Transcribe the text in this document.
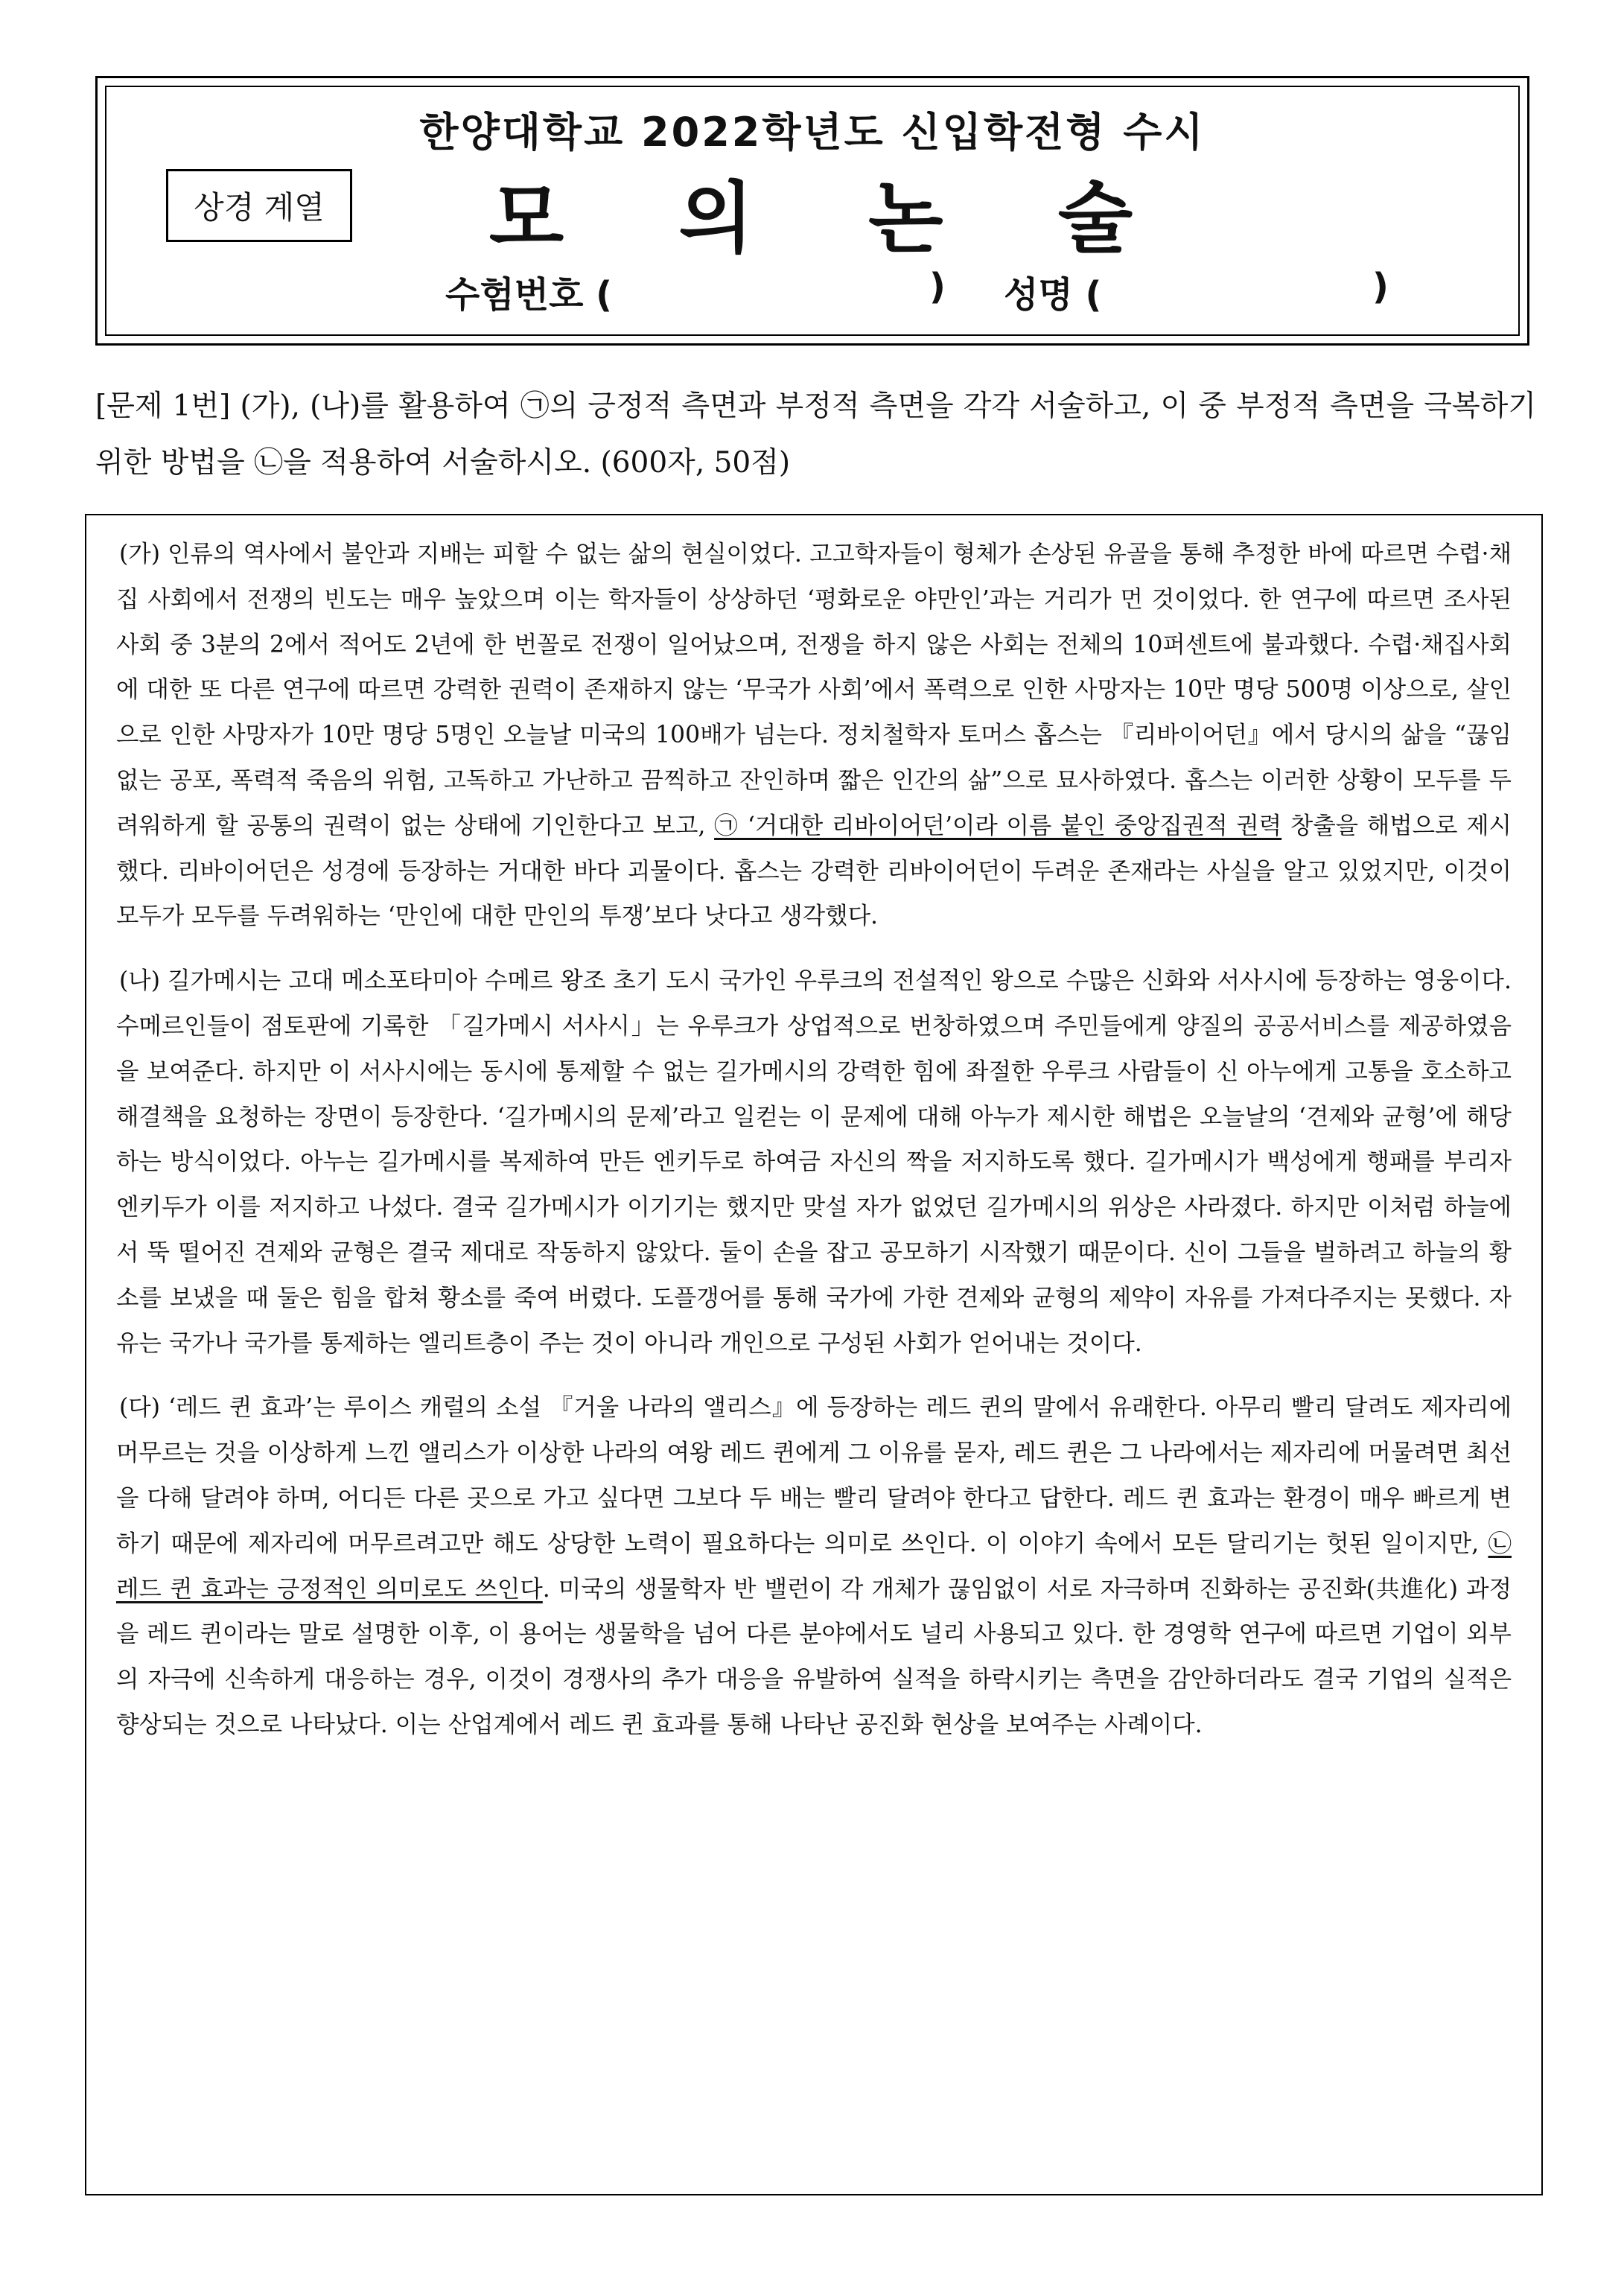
한양대학교 2022학년도 신입학전형 수시
상경 계열	모 의 논 술
수험번호 (	) 성명 (	)
[문제 1번] (가), (나)를 활용하여 ㉠의 긍정적 측면과 부정적 측면을 각각 서술하고, 이 중 부정적 측면을 극복하기 위한 방법을 ㉡을 적용하여 서술하시오. (600자, 50점)

(가) 인류의 역사에서 불안과 지배는 피할 수 없는 삶의 현실이었다. 고고학자들이 형체가 손상된 유골을 통해 추정한 바에 따르면 수렵·채집 사회에서 전쟁의 빈도는 매우 높았으며 이는 학자들이 상상하던 ‘평화로운 야만인’과는 거리가 먼 것이었다. 한 연구에 따르면 조사된 사회 중 3분의 2에서 적어도 2년에 한 번꼴로 전쟁이 일어났으며, 전쟁을 하지 않은 사회는 전체의 10퍼센트에 불과했다. 수렵·채집사회에 대한 또 다른 연구에 따르면 강력한 권력이 존재하지 않는 ‘무국가 사회’에서 폭력으로 인한 사망자는 10만 명당 500명 이상으로, 살인으로 인한 사망자가 10만 명당 5명인 오늘날 미국의 100배가 넘는다. 정치철학자 토머스 홉스는 『리바이어던』에서 당시의 삶을 “끊임없는 공포, 폭력적 죽음의 위험, 고독하고 가난하고 끔찍하고 잔인하며 짧은 인간의 삶”으로 묘사하였다. 홉스는 이러한 상황이 모두를 두려워하게 할 공통의 권력이 없는 상태에 기인한다고 보고, ㉠ ‘거대한 리바이어던’이라 이름 붙인 중앙집권적 권력 창출을 해법으로 제시했다. 리바이어던은 성경에 등장하는 거대한 바다 괴물이다. 홉스는 강력한 리바이어던이 두려운 존재라는 사실을 알고 있었지만, 이것이 모두가 모두를 두려워하는 ‘만인에 대한 만인의 투쟁’보다 낫다고 생각했다.

(나) 길가메시는 고대 메소포타미아 수메르 왕조 초기 도시 국가인 우루크의 전설적인 왕으로 수많은 신화와 서사시에 등장하는 영웅이다. 수메르인들이 점토판에 기록한 「길가메시 서사시」는 우루크가 상업적으로 번창하였으며 주민들에게 양질의 공공서비스를 제공하였음을 보여준다. 하지만 이 서사시에는 동시에 통제할 수 없는 길가메시의 강력한 힘에 좌절한 우루크 사람들이 신 아누에게 고통을 호소하고 해결책을 요청하는 장면이 등장한다. ‘길가메시의 문제’라고 일컫는 이 문제에 대해 아누가 제시한 해법은 오늘날의 ‘견제와 균형’에 해당하는 방식이었다. 아누는 길가메시를 복제하여 만든 엔키두로 하여금 자신의 짝을 저지하도록 했다. 길가메시가 백성에게 행패를 부리자 엔키두가 이를 저지하고 나섰다. 결국 길가메시가 이기기는 했지만 맞설 자가 없었던 길가메시의 위상은 사라졌다. 하지만 이처럼 하늘에서 뚝 떨어진 견제와 균형은 결국 제대로 작동하지 않았다. 둘이 손을 잡고 공모하기 시작했기 때문이다. 신이 그들을 벌하려고 하늘의 황소를 보냈을 때 둘은 힘을 합쳐 황소를 죽여 버렸다. 도플갱어를 통해 국가에 가한 견제와 균형의 제약이 자유를 가져다주지는 못했다. 자유는 국가나 국가를 통제하는 엘리트층이 주는 것이 아니라 개인으로 구성된 사회가 얻어내는 것이다.

(다) ‘레드 퀸 효과’는 루이스 캐럴의 소설 『거울 나라의 앨리스』에 등장하는 레드 퀸의 말에서 유래한다. 아무리 빨리 달려도 제자리에 머무르는 것을 이상하게 느낀 앨리스가 이상한 나라의 여왕 레드 퀸에게 그 이유를 묻자, 레드 퀸은 그 나라에서는 제자리에 머물려면 최선을 다해 달려야 하며, 어디든 다른 곳으로 가고 싶다면 그보다 두 배는 빨리 달려야 한다고 답한다. 레드 퀸 효과는 환경이 매우 빠르게 변하기 때문에 제자리에 머무르려고만 해도 상당한 노력이 필요하다는 의미로 쓰인다. 이 이야기 속에서 모든 달리기는 헛된 일이지만, ㉡ 레드 퀸 효과는 긍정적인 의미로도 쓰인다. 미국의 생물학자 반 밸런이 각 개체가 끊임없이 서로 자극하며 진화하는 공진화(共進化) 과정을 레드 퀸이라는 말로 설명한 이후, 이 용어는 생물학을 넘어 다른 분야에서도 널리 사용되고 있다. 한 경영학 연구에 따르면 기업이 외부의 자극에 신속하게 대응하는 경우, 이것이 경쟁사의 추가 대응을 유발하여 실적을 하락시키는 측면을 감안하더라도 결국 기업의 실적은 향상되는 것으로 나타났다. 이는 산업계에서 레드 퀸 효과를 통해 나타난 공진화 현상을 보여주는 사례이다.
